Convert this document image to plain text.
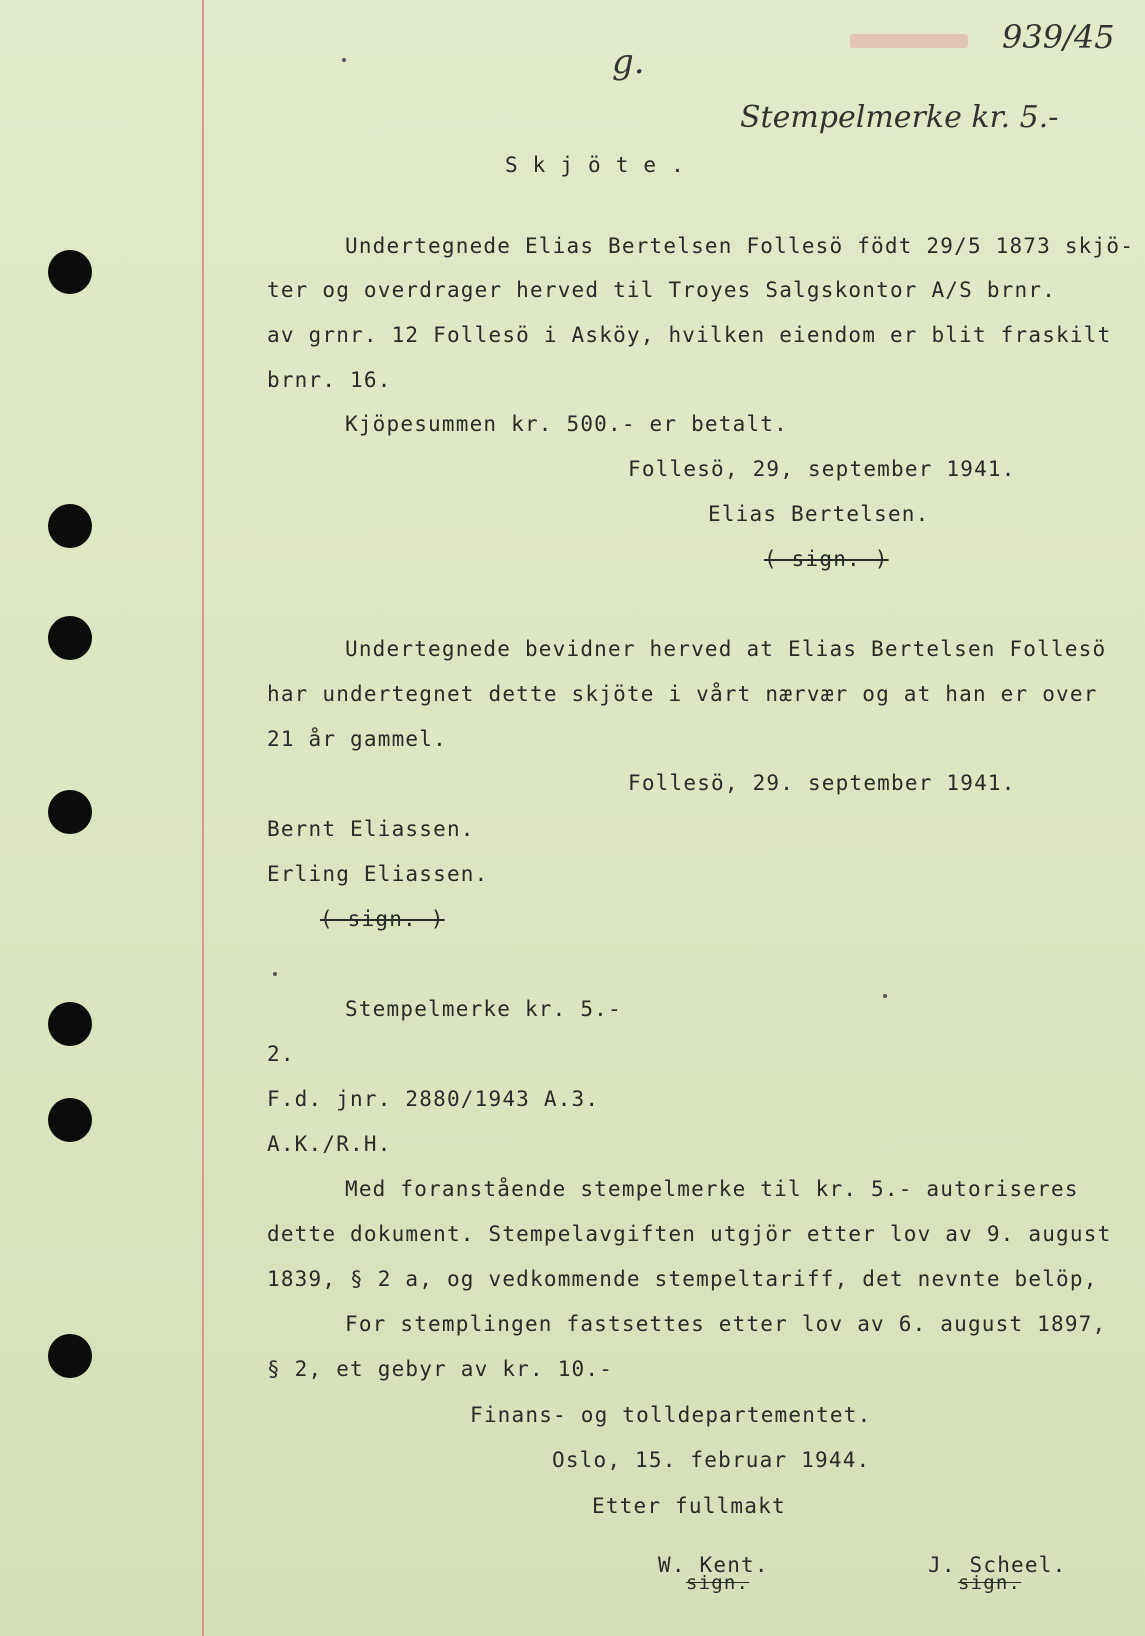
939/45
g.
Stempelmerke kr. 5.-
S k j ö t e .
Undertegnede Elias Bertelsen Follesö födt 29/5 1873 skjö-
ter og overdrager herved til Troyes Salgskontor A/S brnr.
av grnr. 12 Follesö i Asköy, hvilken eiendom er blit fraskilt
brnr. 16.
Kjöpesummen kr. 500.- er betalt.
Follesö, 29, september 1941.
Elias Bertelsen.
( sign. )
Undertegnede bevidner herved at Elias Bertelsen Follesö
har undertegnet dette skjöte i vårt nærvær og at han er over
21 år gammel.
Follesö, 29. september 1941.
Bernt Eliassen.
Erling Eliassen.
( sign. )
Stempelmerke kr. 5.-
2.
F.d. jnr. 2880/1943 A.3.
A.K./R.H.
Med foranstående stempelmerke til kr. 5.- autoriseres
dette dokument. Stempelavgiften utgjör etter lov av 9. august
1839, § 2 a, og vedkommende stempeltariff, det nevnte belöp,
For stemplingen fastsettes etter lov av 6. august 1897,
§ 2, et gebyr av kr. 10.-
Finans- og tolldepartementet.
Oslo, 15. februar 1944.
Etter fullmakt
W. Kent.
sign.
J. Scheel.
sign.
